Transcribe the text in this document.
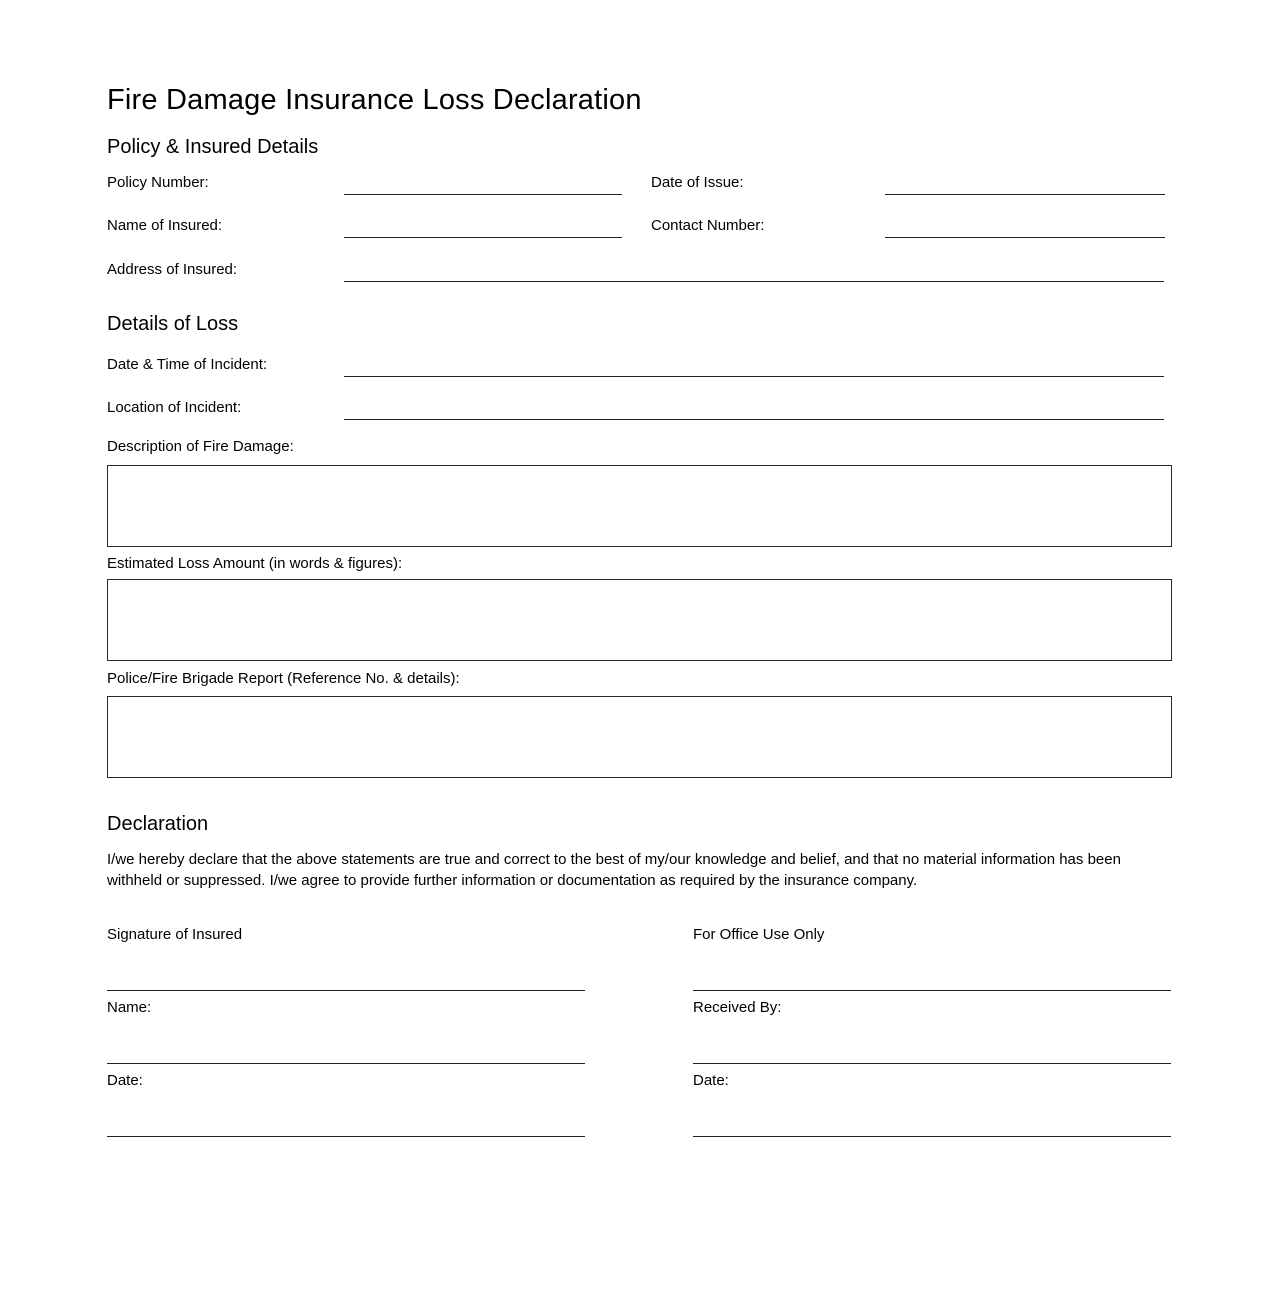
Fire Damage Insurance Loss Declaration
Policy & Insured Details
Policy Number:	Date of Issue:
Name of Insured:	Contact Number:
Address of Insured:
Details of Loss
Date & Time of Incident:
Location of Incident:
Description of Fire Damage:
Estimated Loss Amount (in words & figures):
Police/Fire Brigade Report (Reference No. & details):
Declaration

I/we hereby declare that the above statements are true and correct to the best of my/our knowledge and belief, and that no material information has been withheld or suppressed. I/we agree to provide further information or documentation as required by the insurance company.

Signature of Insured
Name:
Date:
For Office Use Only
Received By:
Date:
